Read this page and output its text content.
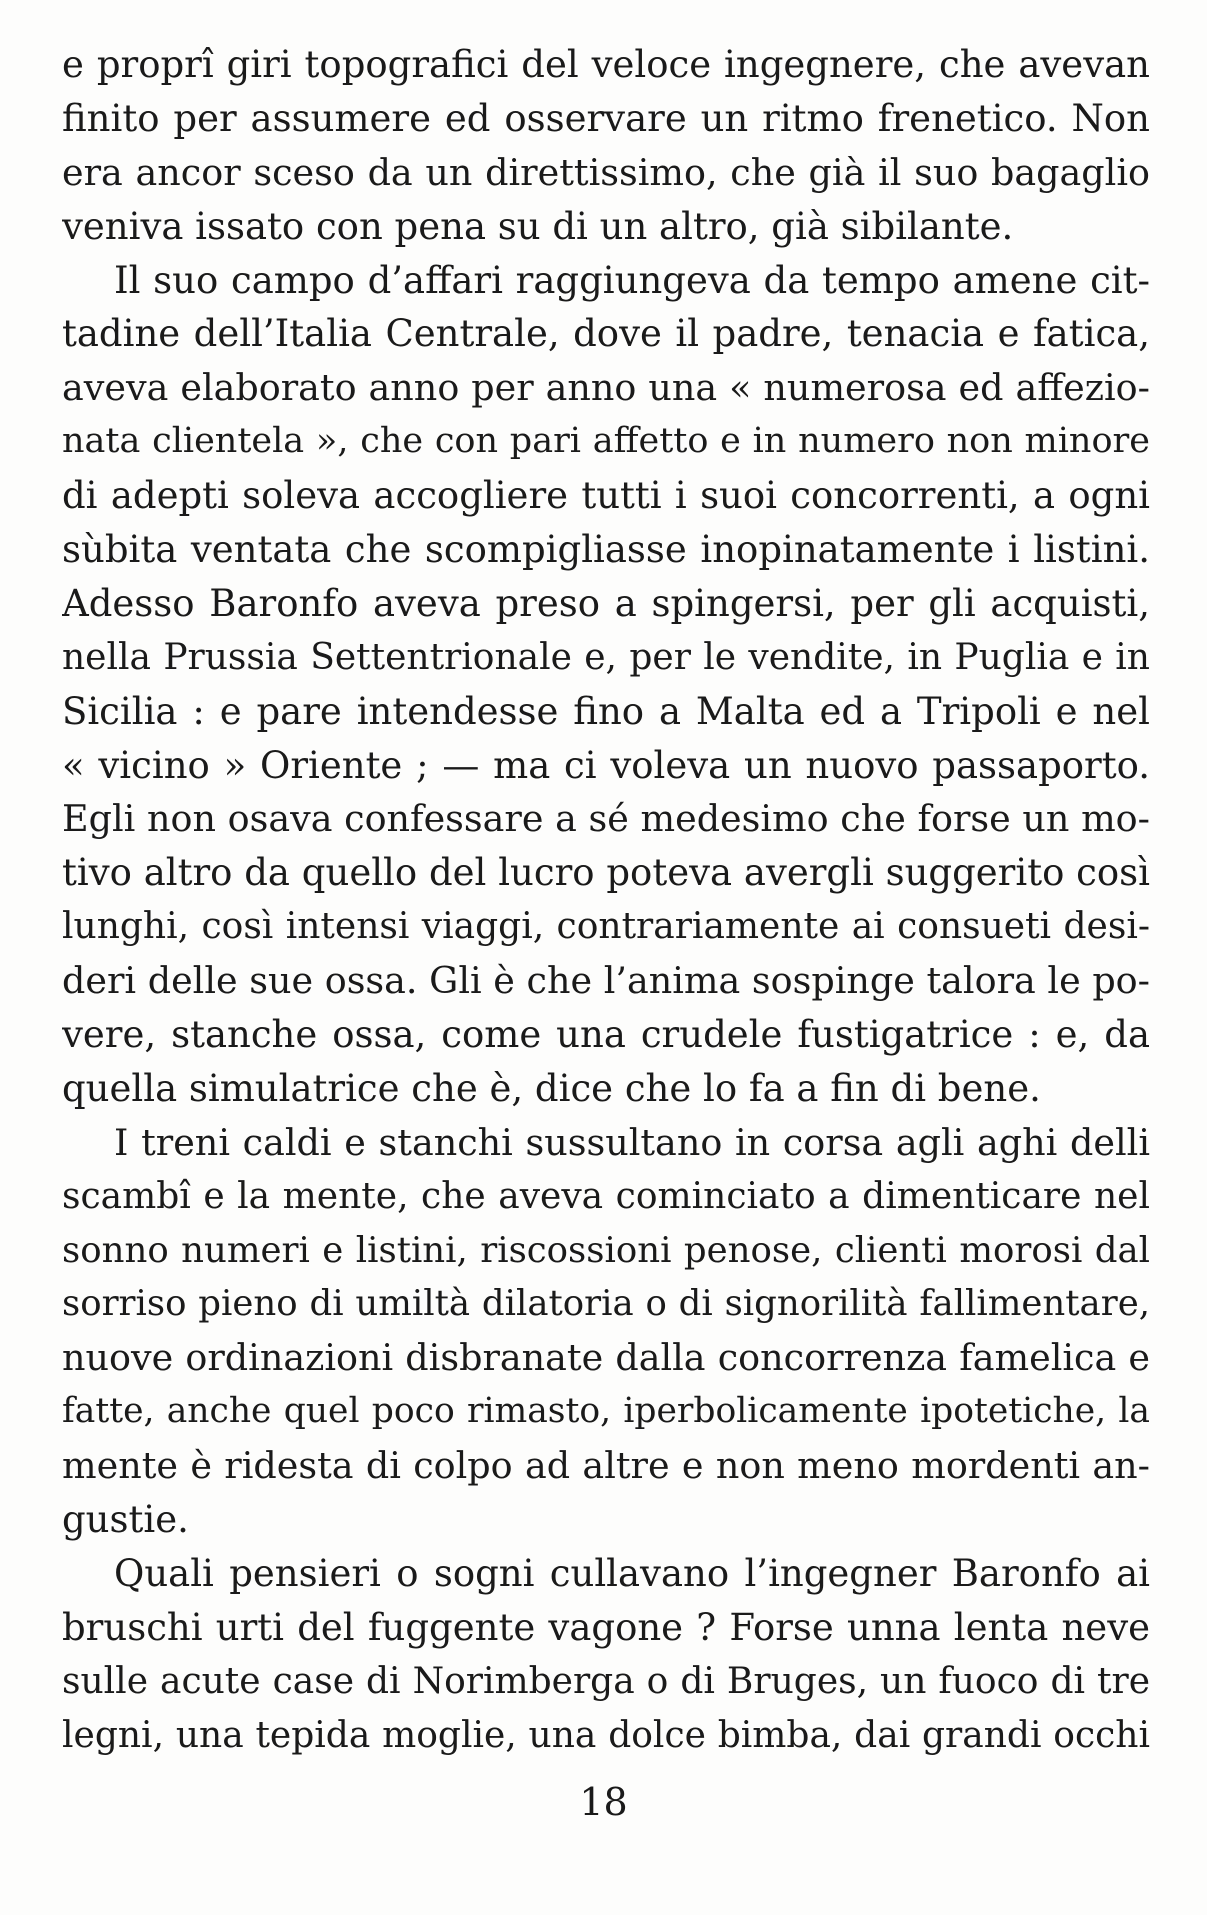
e proprî giri topografici del veloce ingegnere, che avevan
finito per assumere ed osservare un ritmo frenetico. Non
era ancor sceso da un direttissimo, che già il suo bagaglio
veniva issato con pena su di un altro, già sibilante.
Il suo campo d’affari raggiungeva da tempo amene cit-
tadine dell’Italia Centrale, dove il padre, tenacia e fatica,
aveva elaborato anno per anno una « numerosa ed affezio-
nata clientela », che con pari affetto e in numero non minore
di adepti soleva accogliere tutti i suoi concorrenti, a ogni
sùbita ventata che scompigliasse inopinatamente i listini.
Adesso Baronfo aveva preso a spingersi, per gli acquisti,
nella Prussia Settentrionale e, per le vendite, in Puglia e in
Sicilia : e pare intendesse fino a Malta ed a Tripoli e nel
« vicino » Oriente ; — ma ci voleva un nuovo passaporto.
Egli non osava confessare a sé medesimo che forse un mo-
tivo altro da quello del lucro poteva avergli suggerito così
lunghi, così intensi viaggi, contrariamente ai consueti desi-
deri delle sue ossa. Gli è che l’anima sospinge talora le po-
vere, stanche ossa, come una crudele fustigatrice : e, da
quella simulatrice che è, dice che lo fa a fin di bene.
I treni caldi e stanchi sussultano in corsa agli aghi delli
scambî e la mente, che aveva cominciato a dimenticare nel
sonno numeri e listini, riscossioni penose, clienti morosi dal
sorriso pieno di umiltà dilatoria o di signorilità fallimentare,
nuove ordinazioni disbranate dalla concorrenza famelica e
fatte, anche quel poco rimasto, iperbolicamente ipotetiche, la
mente è ridesta di colpo ad altre e non meno mordenti an-
gustie.
Quali pensieri o sogni cullavano l’ingegner Baronfo ai
bruschi urti del fuggente vagone ? Forse unna lenta neve
sulle acute case di Norimberga o di Bruges, un fuoco di tre
legni, una tepida moglie, una dolce bimba, dai grandi occhi
18
